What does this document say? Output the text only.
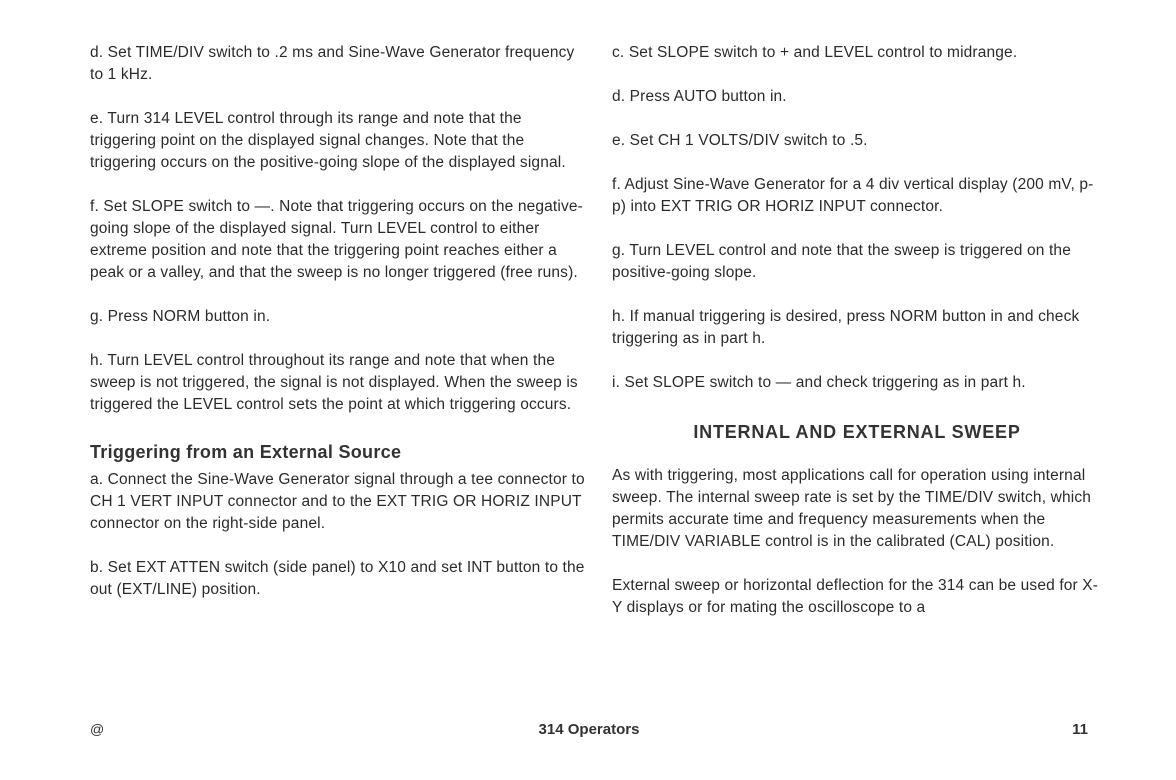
d. Set TIME/DIV switch to .2 ms and Sine-Wave Generator frequency to 1 kHz.

e. Turn 314 LEVEL control through its range and note that the triggering point on the displayed signal changes. Note that the triggering occurs on the positive-going slope of the displayed signal.

f. Set SLOPE switch to —. Note that triggering occurs on the negative-going slope of the displayed signal. Turn LEVEL control to either extreme position and note that the triggering point reaches either a peak or a valley, and that the sweep is no longer triggered (free runs).

g. Press NORM button in.

h. Turn LEVEL control throughout its range and note that when the sweep is not triggered, the signal is not displayed. When the sweep is triggered the LEVEL control sets the point at which triggering occurs.

Triggering from an External Source

a. Connect the Sine-Wave Generator signal through a tee connector to CH 1 VERT INPUT connector and to the EXT TRIG OR HORIZ INPUT connector on the right-side panel.

b. Set EXT ATTEN switch (side panel) to X10 and set INT button to the out (EXT/LINE) position.

c. Set SLOPE switch to + and LEVEL control to midrange.

d. Press AUTO button in.

e. Set CH 1 VOLTS/DIV switch to .5.

f. Adjust Sine-Wave Generator for a 4 div vertical display (200 mV, p-p) into EXT TRIG OR HORIZ INPUT connector.

g. Turn LEVEL control and note that the sweep is triggered on the positive-going slope.

h. If manual triggering is desired, press NORM button in and check triggering as in part h.

i. Set SLOPE switch to — and check triggering as in part h.

INTERNAL AND EXTERNAL SWEEP

As with triggering, most applications call for operation using internal sweep. The internal sweep rate is set by the TIME/DIV switch, which permits accurate time and frequency measurements when the TIME/DIV VARIABLE control is in the calibrated (CAL) position.

External sweep or horizontal deflection for the 314 can be used for X-Y displays or for mating the oscilloscope to a

@	314 Operators	11
